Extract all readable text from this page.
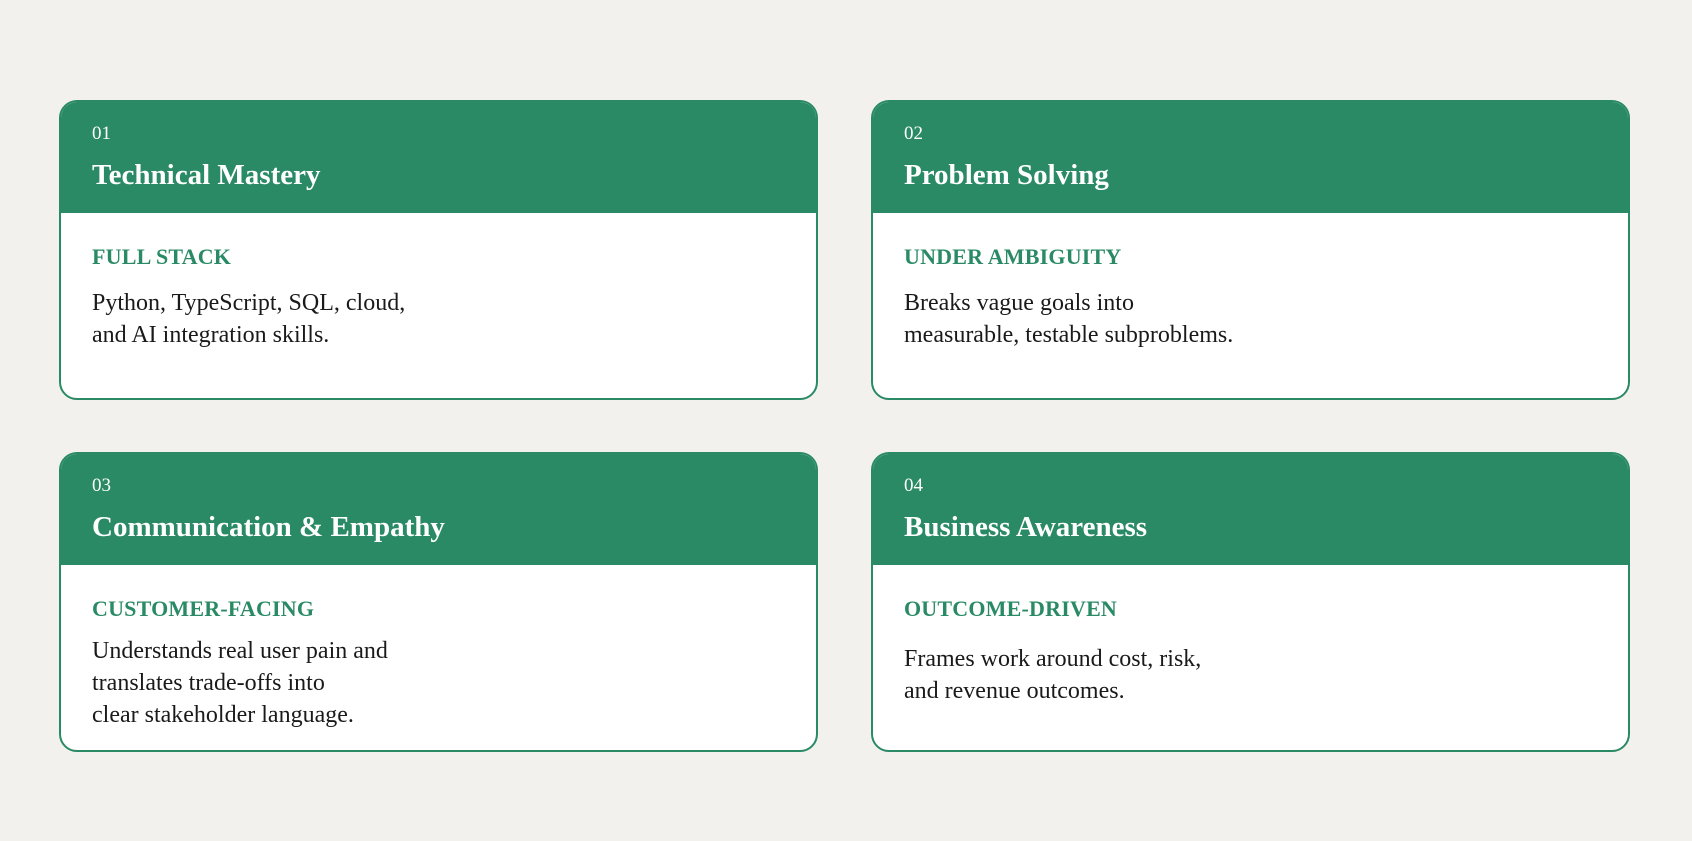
01
Technical Mastery
FULL STACK
Python, TypeScript, SQL, cloud,
and AI integration skills.
02
Problem Solving
UNDER AMBIGUITY
Breaks vague goals into
measurable, testable subproblems.
03
Communication & Empathy
CUSTOMER-FACING
Understands real user pain and
translates trade-offs into
clear stakeholder language.
04
Business Awareness
OUTCOME-DRIVEN
Frames work around cost, risk,
and revenue outcomes.
